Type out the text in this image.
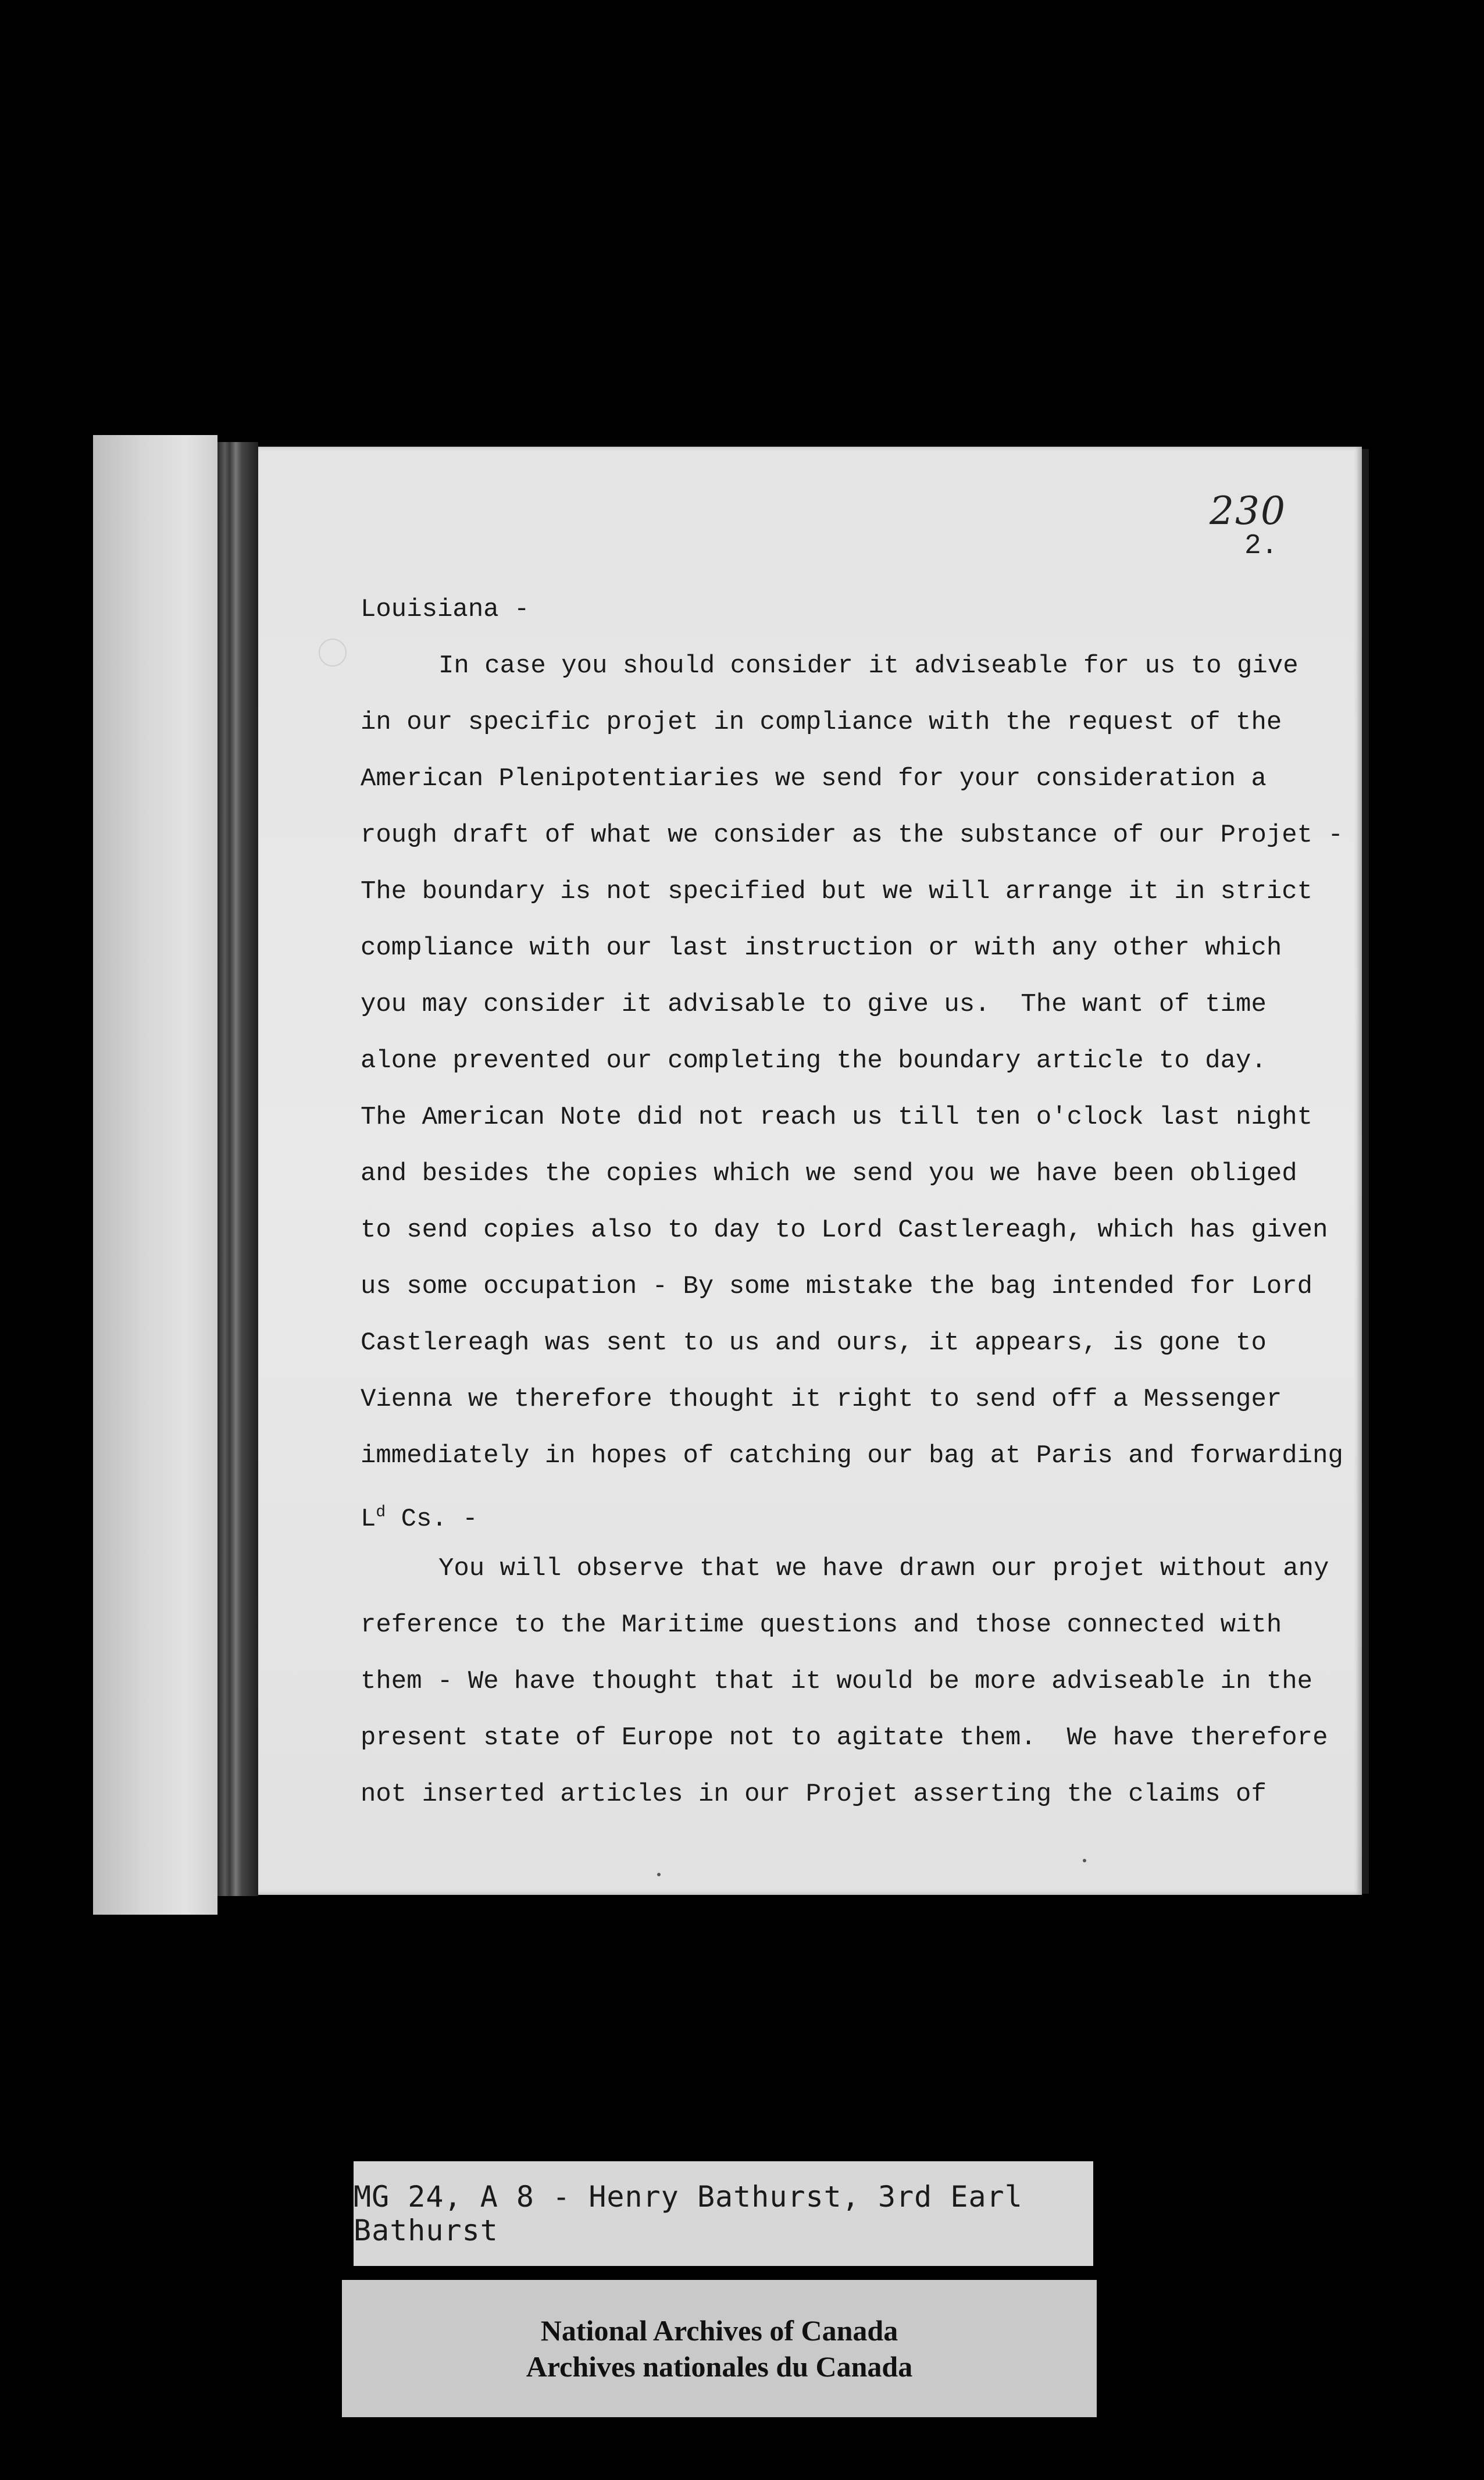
230
2.
Louisiana -
In case you should consider it adviseable for us to give
in our specific projet in compliance with the request of the
American Plenipotentiaries we send for your consideration a
rough draft of what we consider as the substance of our Projet -
The boundary is not specified but we will arrange it in strict
compliance with our last instruction or with any other which
you may consider it advisable to give us.  The want of time
alone prevented our completing the boundary article to day.
The American Note did not reach us till ten o'clock last night
and besides the copies which we send you we have been obliged
to send copies also to day to Lord Castlereagh, which has given
us some occupation - By some mistake the bag intended for Lord
Castlereagh was sent to us and ours, it appears, is gone to
Vienna we therefore thought it right to send off a Messenger
immediately in hopes of catching our bag at Paris and forwarding
$L^d$ Cs. -
You will observe that we have drawn our projet without any
reference to the Maritime questions and those connected with
them - We have thought that it would be more adviseable in the
present state of Europe not to agitate them.  We have therefore
not inserted articles in our Projet asserting the claims of
MG 24, A 8 - Henry Bathurst, 3rd Earl Bathurst
National Archives of Canada
Archives nationales du Canada
